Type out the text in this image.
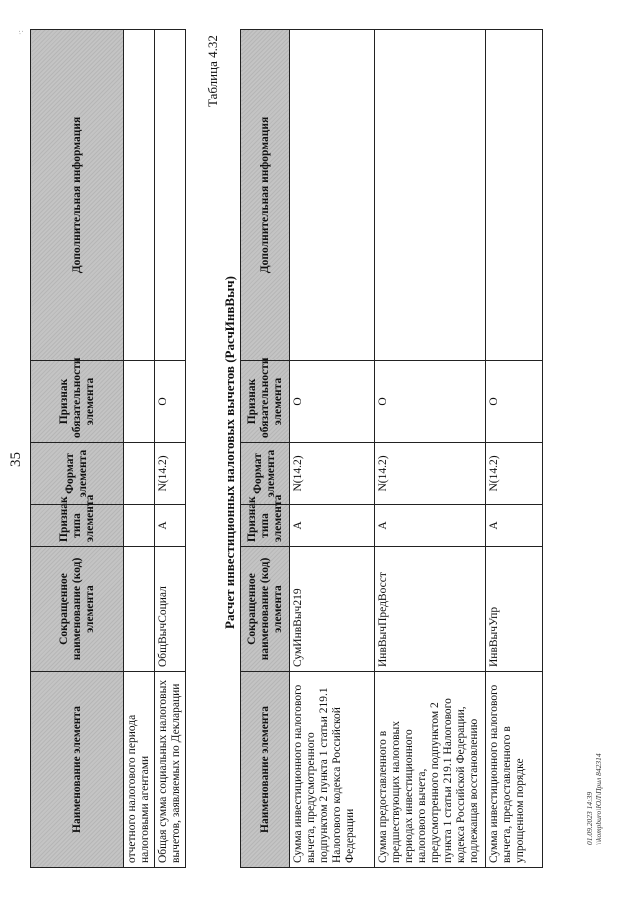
35
·:
Наименование элемента	Сокращенное наименование (код) элемента	Признак типа элемента	Формат элемента	Признак обязательности элемента	Дополнительная информация
отчетного налогового периода налоговыми агентами					
Общая сумма социальных налоговых вычетов, заявляемых по Декларации	ОбщВычСоциал	А	N(14.2)	О	
Таблица 4.32
Расчет инвестиционных налоговых вычетов (РасчИнвВыч)
Наименование элемента	Сокращенное наименование (код) элемента	Признак типа элемента	Формат элемента	Признак обязательности элемента	Дополнительная информация
Сумма инвестиционного налогового вычета, предусмотренного подпунктом 2 пункта 1 статьи 219.1 Налогового кодекса Российской Федерации	СумИнвВыч219	А	N(14.2)	О	
Сумма предоставленного в предшествующих налоговых периодах инвестиционного налогового вычета, предусмотренного подпунктом 2 пункта 1 статьи 219.1 Налогового кодекса Российской Федерации, подлежащая восстановлению	ИнвВычПредВосст	А	N(14.2)	О	
Сумма инвестиционного налогового вычета, предоставленного в упрощенном порядке	ИнвВычУпр	А	N(14.2)	О	
01.09.2023 14:39 \\kompburo\ЮЛ\Прил 842314
